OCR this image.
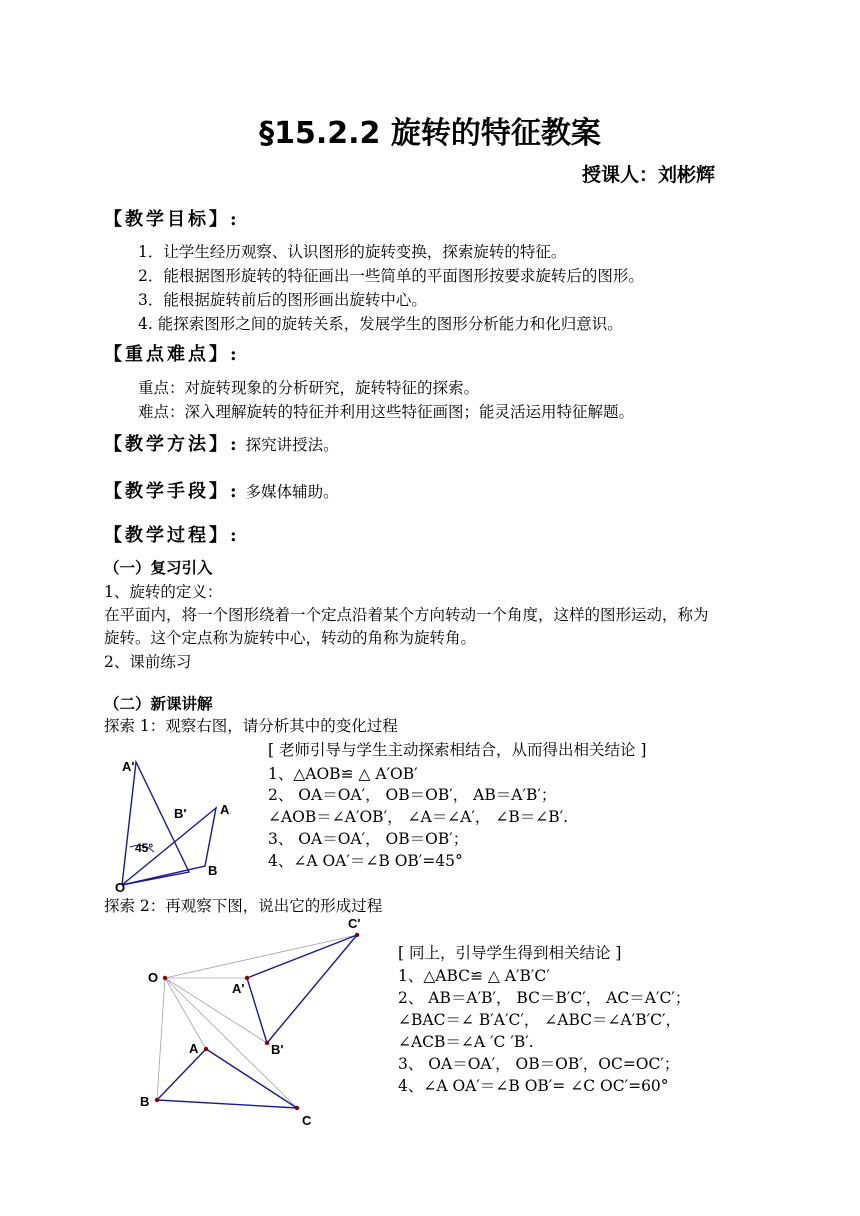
§15.2.2 旋转的特征教案
授课人：刘彬辉
【教学目标】:
1．让学生经历观察、认识图形的旋转变换，探索旋转的特征。
2．能根据图形旋转的特征画出一些简单的平面图形按要求旋转后的图形。
3．能根据旋转前后的图形画出旋转中心。
4. 能探索图形之间的旋转关系，发展学生的图形分析能力和化归意识。
【重点难点】:
重点：对旋转现象的分析研究，旋转特征的探索。
难点：深入理解旋转的特征并利用这些特征画图；能灵活运用特征解题。
【教学方法】: 探究讲授法。
【教学手段】: 多媒体辅助。
【教学过程】:
（一）复习引入
1、旋转的定义：
在平面内，将一个图形绕着一个定点沿着某个方向转动一个角度，这样的图形运动，称为
旋转。这个定点称为旋转中心，转动的角称为旋转角。
2、课前练习
（二）新课讲解
探索 1：观察右图，请分析其中的变化过程
[ 老师引导与学生主动探索相结合，从而得出相关结论 ]
1、△AOB≌ △ A′OB′
2、 OA＝OA′， OB＝OB′， AB＝A′B′；
∠AOB＝∠A′OB′， ∠A＝∠A′， ∠B＝∠B′.
3、 OA＝OA′， OB＝OB′；
4、∠A OA′＝∠B OB′=45°
A'
B'	A
B
O
45°
探索 2：再观察下图，说出它的形成过程
[ 同上，引导学生得到相关结论 ]
1、△ABC≌ △ A′B′C′
2、 AB＝A′B′， BC＝B′C′， AC＝A′C′；
∠BAC＝∠ B′A′C′， ∠ABC＝∠A′B′C′，
∠ACB＝∠A ′C ′B′.
3、 OA＝OA′， OB＝OB′，OC=OC′；
4、∠A OA′＝∠B OB′= ∠C OC′=60°
C'
O
A'
B'
A
B
C
